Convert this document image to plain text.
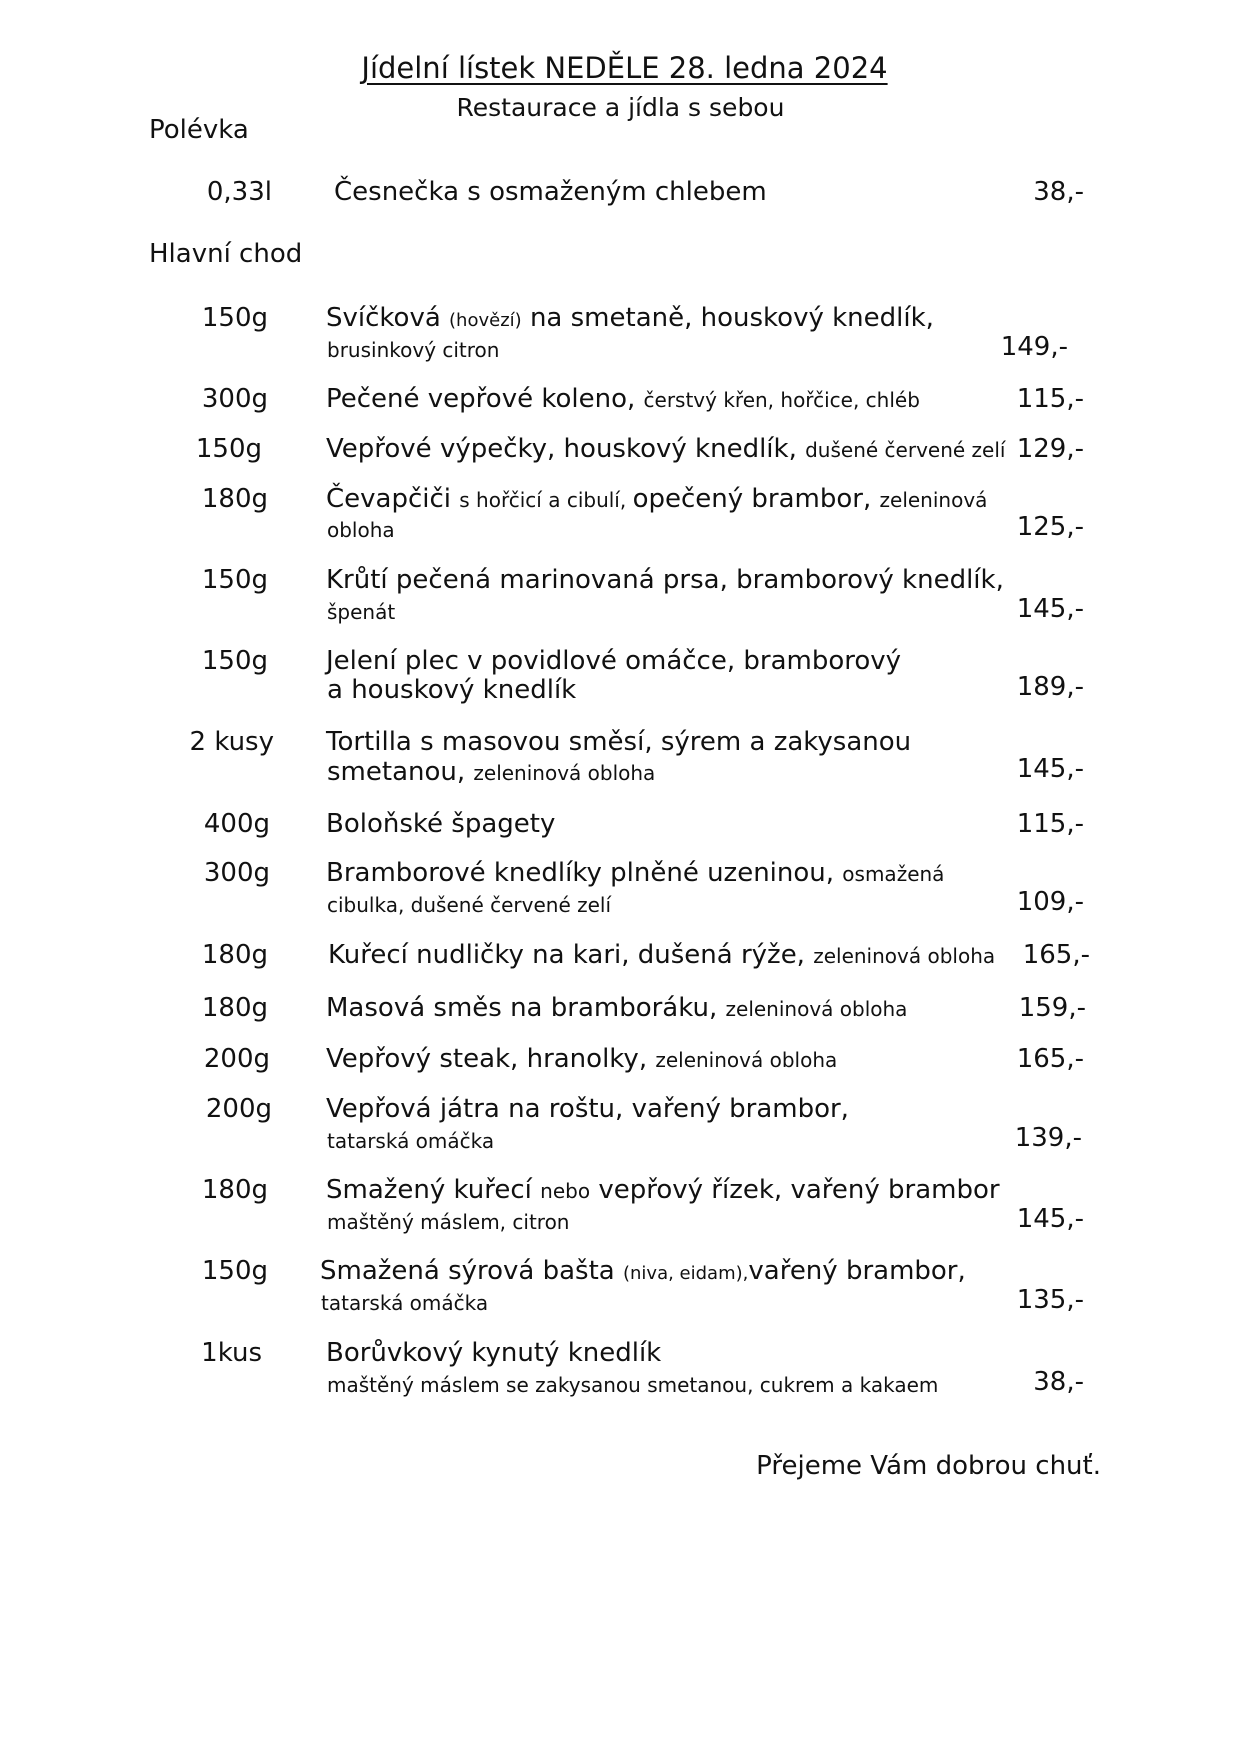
Jídelní lístek NEDĚLE 28. ledna 2024
Restaurace a jídla s sebou
Polévka
0,33l Česnečka s osmaženým chlebem	38,-
Hlavní chod
150g Svíčková (hovězí) na smetaně, houskový knedlík,
brusinkový citron	149,-
300g Pečené vepřové koleno, čerstvý křen, hořčice, chléb	115,-
150g Vepřové výpečky, houskový knedlík, dušené červené zelí 129,-
180g Čevapčiči s hořčicí a cibulí, opečený brambor, zeleninová
obloha	125,-
150g Krůtí pečená marinovaná prsa, bramborový knedlík,
špenát	145,-
150g Jelení plec v povidlové omáčce, bramborový
a houskový knedlík	189,-
2 kusy Tortilla s masovou směsí, sýrem a zakysanou
smetanou, zeleninová obloha	145,-
400g Boloňské špagety	115,-
300g Bramborové knedlíky plněné uzeninou, osmažená
cibulka, dušené červené zelí	109,-
180g Kuřecí nudličky na kari, dušená rýže, zeleninová obloha	165,-
180g Masová směs na bramboráku, zeleninová obloha	159,-
200g Vepřový steak, hranolky, zeleninová obloha	165,-
200g Vepřová játra na roštu, vařený brambor,
tatarská omáčka	139,-
180g Smažený kuřecí nebo vepřový řízek, vařený brambor
maštěný máslem, citron	145,-
150g Smažená sýrová bašta (niva, eidam),vařený brambor,
tatarská omáčka	135,-
1kus Borůvkový kynutý knedlík
maštěný máslem se zakysanou smetanou, cukrem a kakaem	38,-
Přejeme Vám dobrou chuť.
